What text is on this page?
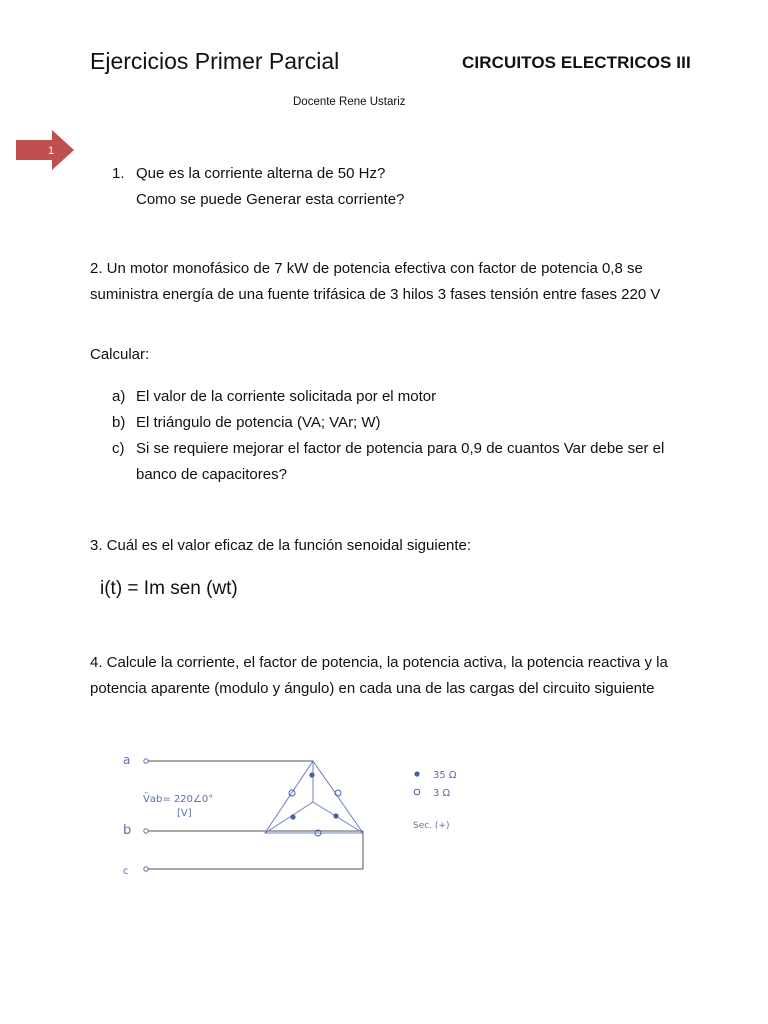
Ejercicios Primer Parcial	CIRCUITOS ELECTRICOS III
Docente Rene Ustariz
1
1. Que es la corriente alterna de 50 Hz?
Como se puede Generar esta corriente?
2. Un motor monofásico de 7 kW de potencia efectiva con factor de potencia 0,8 se suministra energía de una fuente trifásica de 3 hilos 3 fases tensión entre fases 220 V
Calcular:
a) El valor de la corriente solicitada por el motor
b) El triángulo de potencia (VA; VAr; W)
c) Si se requiere mejorar el factor de potencia para 0,9 de cuantos Var debe ser el banco de capacitores?
3. Cuál es el valor eficaz de la función senoidal siguiente:
i(t) = Im sen (wt)
4. Calcule la corriente, el factor de potencia, la potencia activa, la potencia reactiva y la potencia aparente (modulo y ángulo) en cada una de las cargas del circuito siguiente
a
b
c
V̄ab= 220∠0°
[V]
35 Ω
3 Ω
Sec. (+)
